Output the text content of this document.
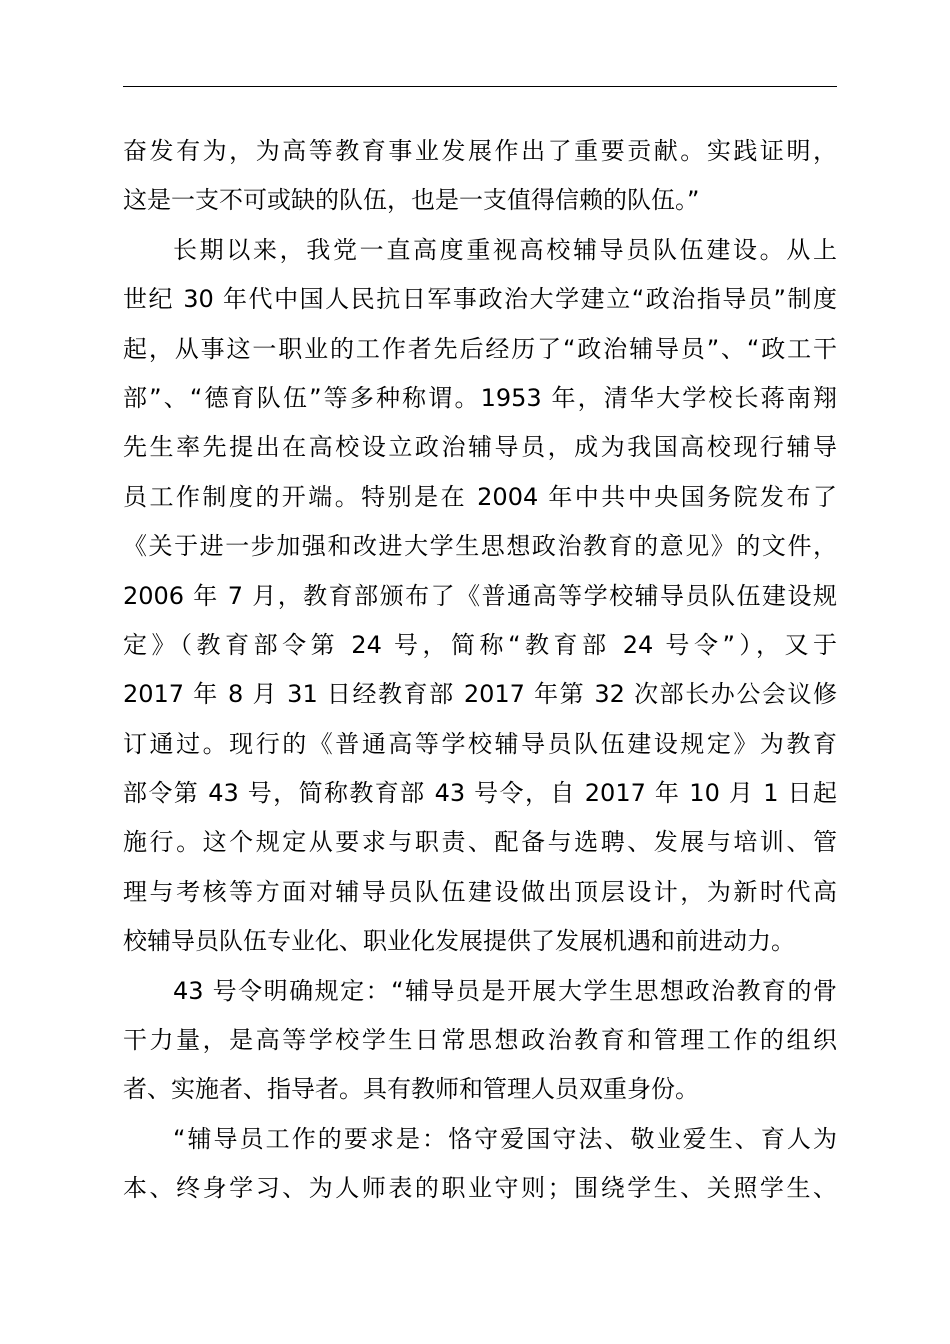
奋发有为，为高等教育事业发展作出了重要贡献。实践证明，
这是一支不可或缺的队伍，也是一支值得信赖的队伍。”
长期以来，我党一直高度重视高校辅导员队伍建设。从上
世纪 30 年代中国人民抗日军事政治大学建立“政治指导员”制度
起，从事这一职业的工作者先后经历了“政治辅导员”、“政工干
部”、“德育队伍”等多种称谓。1953 年，清华大学校长蒋南翔
先生率先提出在高校设立政治辅导员，成为我国高校现行辅导
员工作制度的开端。特别是在 2004 年中共中央国务院发布了
《关于进一步加强和改进大学生思想政治教育的意见》的文件，
2006 年 7 月，教育部颁布了《普通高等学校辅导员队伍建设规
定》（教育部令第 24 号，简称“教育部 24 号令”），又于
2017 年 8 月 31 日经教育部 2017 年第 32 次部长办公会议修
订通过。现行的《普通高等学校辅导员队伍建设规定》为教育
部令第 43 号，简称教育部 43 号令，自 2017 年 10 月 1 日起
施行。这个规定从要求与职责、配备与选聘、发展与培训、管
理与考核等方面对辅导员队伍建设做出顶层设计，为新时代高
校辅导员队伍专业化、职业化发展提供了发展机遇和前进动力。
43 号令明确规定：“辅导员是开展大学生思想政治教育的骨
干力量，是高等学校学生日常思想政治教育和管理工作的组织
者、实施者、指导者。具有教师和管理人员双重身份。
“辅导员工作的要求是：恪守爱国守法、敬业爱生、育人为
本、终身学习、为人师表的职业守则；围绕学生、关照学生、
